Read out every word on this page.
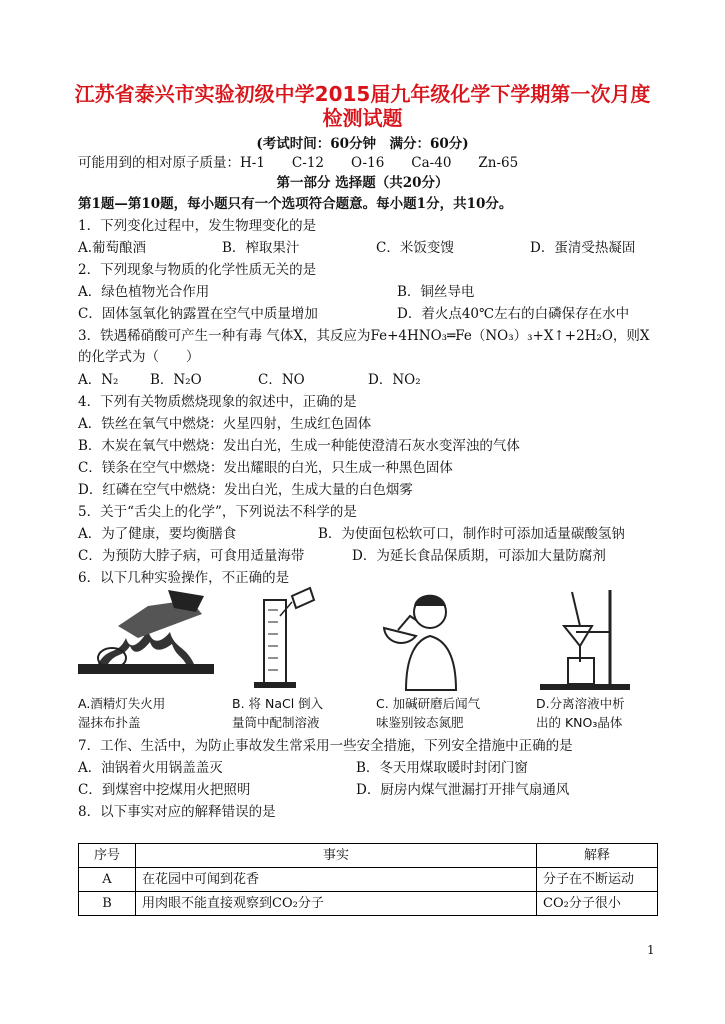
江苏省泰兴市实验初级中学2015届九年级化学下学期第一次月度
检测试题
(考试时间：60分钟　满分：60分)
可能用到的相对原子质量：H-1　　C-12　　O-16　　Ca-40　　Zn-65
第一部分 选择题（共20分）
第1题—第10题，每小题只有一个选项符合题意。每小题1分，共10分。
1．下列变化过程中，发生物理变化的是
A.葡萄酿酒	B．榨取果汁	C．米饭变馊	D．蛋清受热凝固
2．下列现象与物质的化学性质无关的是
A．绿色植物光合作用	B．铜丝导电
C．固体氢氧化钠露置在空气中质量增加	D．着火点40℃左右的白磷保存在水中
3．铁遇稀硝酸可产生一种有毒 气体X，其反应为Fe+4HNO₃═Fe（NO₃）₃+X↑+2H₂O，则X
的化学式为（　　）
A．N₂ B．N₂O	C．NO	D．NO₂
4．下列有关物质燃烧现象的叙述中，正确的是
A．铁丝在氧气中燃烧：火星四射，生成红色固体
B．木炭在氧气中燃烧：发出白光，生成一种能使澄清石灰水变浑浊的气体
C．镁条在空气中燃烧：发出耀眼的白光，只生成一种黑色固体
D．红磷在空气中燃烧：发出白光，生成大量的白色烟雾
5．关于“舌尖上的化学”，下列说法不科学的是
A．为了健康，要均衡膳食	B．为使面包松软可口，制作时可添加适量碳酸氢钠
C．为预防大脖子病，可食用适量海带	D．为延长食品保质期，可添加大量防腐剂
6．以下几种实验操作，不正确的是
A.酒精灯失火用
湿抹布扑盖
B. 将 NaCl 倒入
量筒中配制溶液
C. 加碱研磨后闻气
味鉴别铵态氮肥
D.分离溶液中析
出的 KNO₃晶体
7．工作、生活中，为防止事故发生常采用一些安全措施，下列安全措施中正确的是
A．油锅着火用锅盖盖灭	B．冬天用煤取暖时封闭门窗
C．到煤窖中挖煤用火把照明	D．厨房内煤气泄漏打开排气扇通风
8．以下事实对应的解释错误的是
序号	事实	解释
A	在花园中可闻到花香	分子在不断运动
B	用肉眼不能直接观察到CO₂分子	CO₂分子很小
1
